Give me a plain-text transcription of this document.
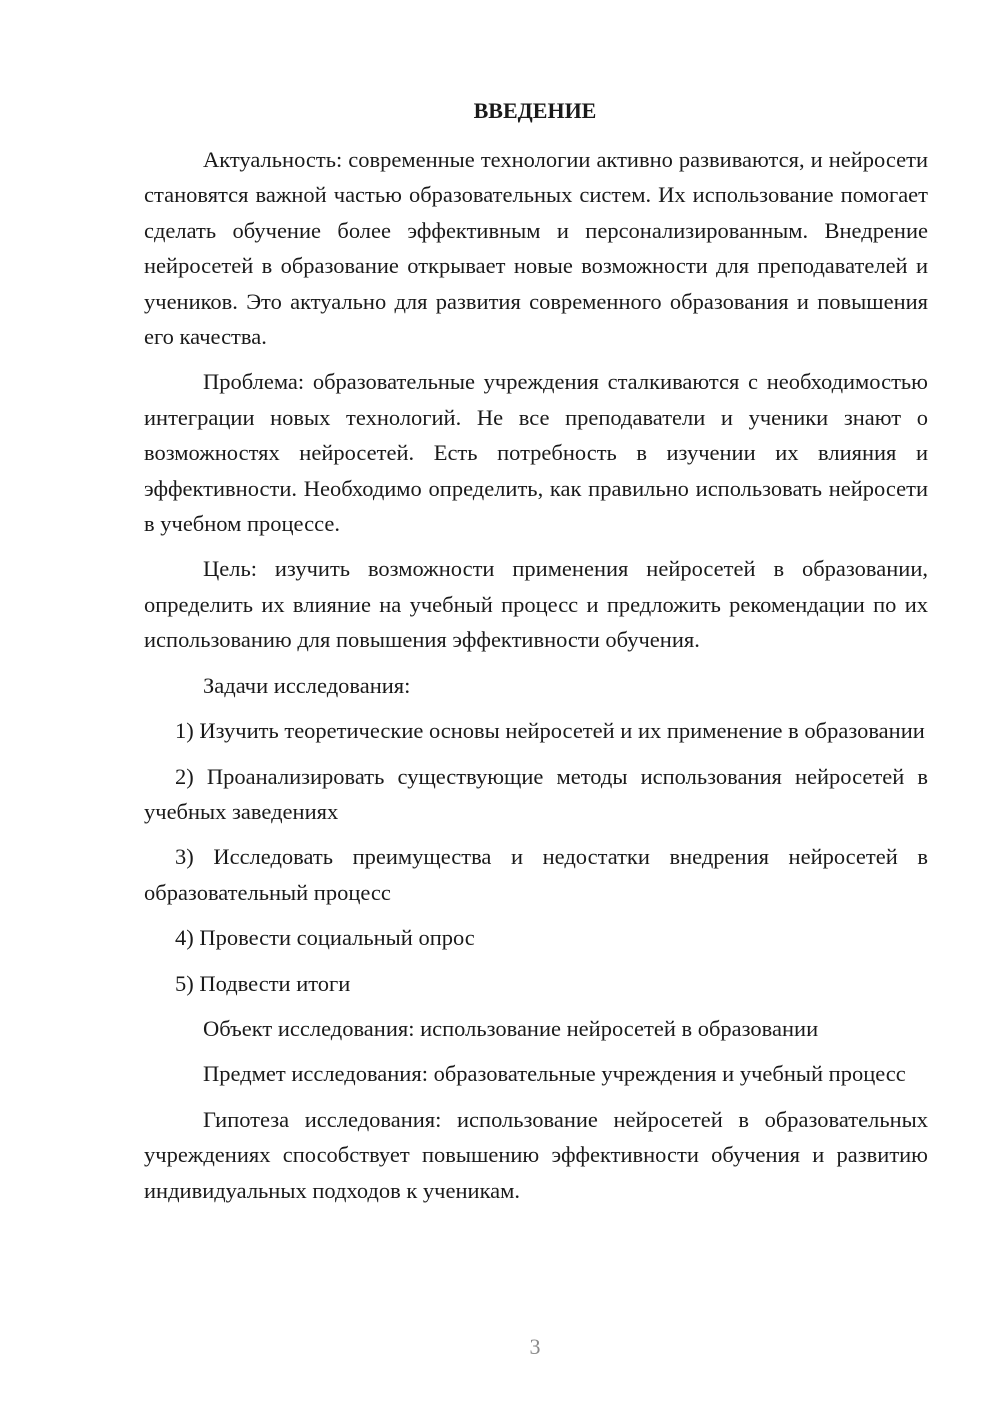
ВВЕДЕНИЕ

Актуальность: современные технологии активно развиваются, и нейросети становятся важной частью образовательных систем. Их использование помогает сделать обучение более эффективным и персонализированным. Внедрение нейросетей в образование открывает новые возможности для преподавателей и учеников. Это актуально для развития современного образования и повышения его качества.

Проблема: образовательные учреждения сталкиваются с необходимостью интеграции новых технологий. Не все преподаватели и ученики знают о возможностях нейросетей. Есть потребность в изучении их влияния и эффективности. Необходимо определить, как правильно использовать нейросети в учебном процессе.

Цель: изучить возможности применения нейросетей в образовании, определить их влияние на учебный процесс и предложить рекомендации по их использованию для повышения эффективности обучения.

Задачи исследования:

1) Изучить теоретические основы нейросетей и их применение в образовании

2) Проанализировать существующие методы использования нейросетей в учебных заведениях

3) Исследовать преимущества и недостатки внедрения нейросетей в образовательный процесс

4) Провести социальный опрос

5) Подвести итоги

Объект исследования: использование нейросетей в образовании

Предмет исследования: образовательные учреждения и учебный процесс

Гипотеза исследования: использование нейросетей в образовательных учреждениях способствует повышению эффективности обучения и развитию индивидуальных подходов к ученикам.

3
